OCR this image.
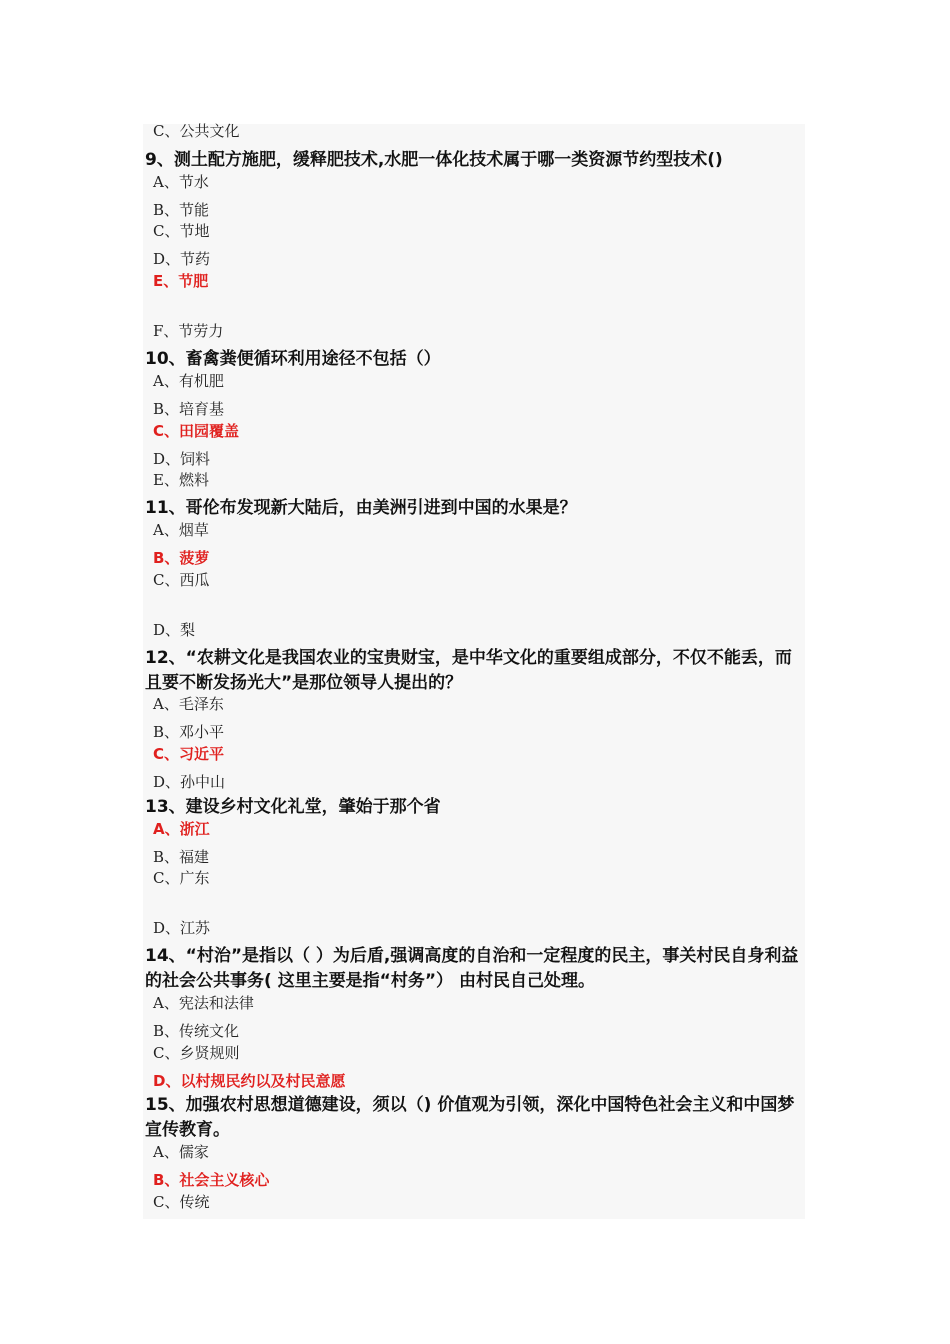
C、公共文化
9、测土配方施肥，缓释肥技术,水肥一体化技术属于哪一类资源节约型技术()
A、节水
B、节能
C、节地
D、节药
E、节肥
F、节劳力
10、畜禽粪便循环利用途径不包括（）
A、有机肥
B、培育基
C、田园覆盖
D、饲料
E、燃料
11、哥伦布发现新大陆后，由美洲引进到中国的水果是？
A、烟草
B、菠萝
C、西瓜
D、梨
12、“农耕文化是我国农业的宝贵财宝，是中华文化的重要组成部分，不仅不能丢，而且要不断发扬光大”是那位领导人提出的？
A、毛泽东
B、邓小平
C、习近平
D、孙中山
13、建设乡村文化礼堂，肇始于那个省
A、浙江
B、福建
C、广东
D、江苏
14、“村治”是指以（ ）为后盾,强调高度的自治和一定程度的民主，事关村民自身利益的社会公共事务( 这里主要是指“村务”） 由村民自己处理。
A、宪法和法律
B、传统文化
C、乡贤规则
D、以村规民约以及村民意愿
15、加强农村思想道德建设，须以（) 价值观为引领，深化中国特色社会主义和中国梦宣传教育。
A、儒家
B、社会主义核心
C、传统
